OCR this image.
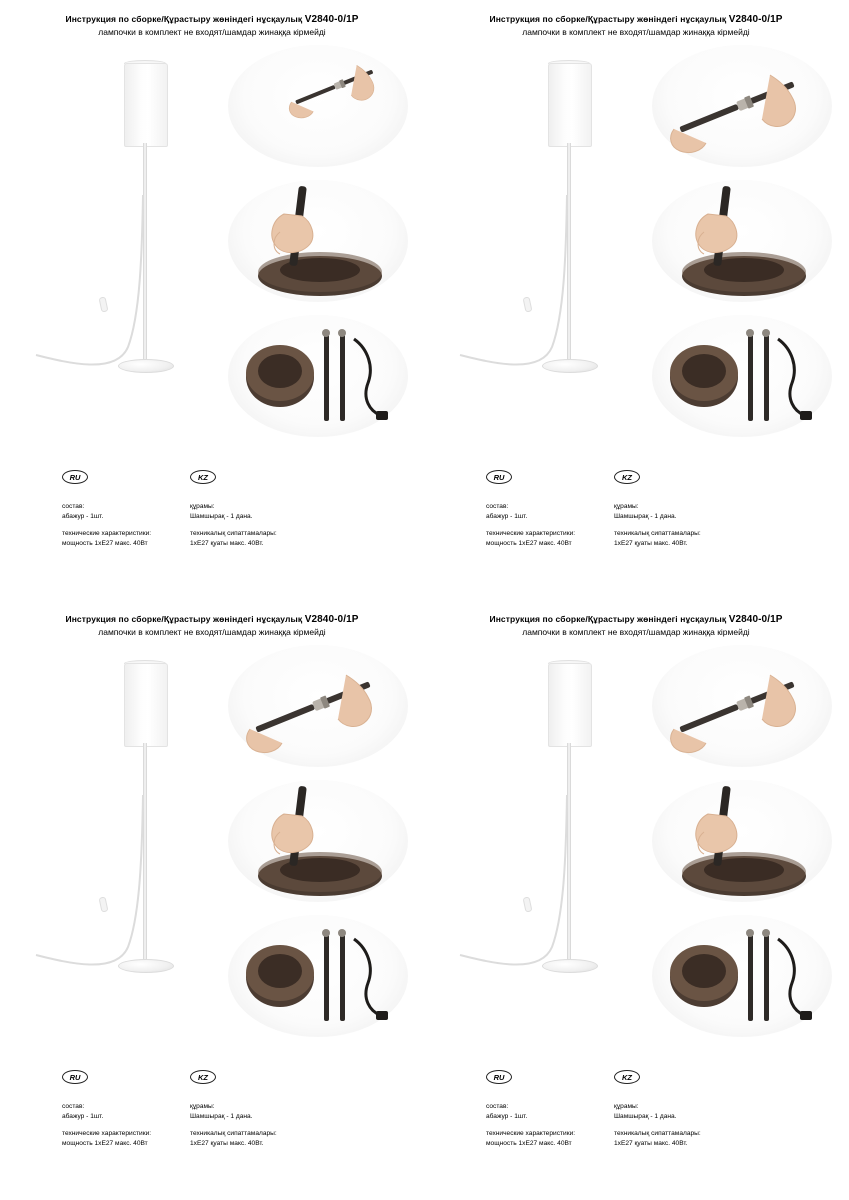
Инструкция по сборке/Құрастыру жөніндегі нұсқаулық V2840-0/1P
лампочки в комплект не входят/шамдар жинаққа кірмейді
RU
состав:
абажур - 1шт.
технические характеристики:
мощность 1хЕ27 макс. 40Вт
KZ
құрамы:
Шамшырақ - 1 дана.
техникалық сипаттамалары:
1хЕ27 қуаты макс. 40Вт.
Инструкция по сборке/Құрастыру жөніндегі нұсқаулық V2840-0/1P
лампочки в комплект не входят/шамдар жинаққа кірмейді
RU
состав:
абажур - 1шт.
технические характеристики:
мощность 1хЕ27 макс. 40Вт
KZ
құрамы:
Шамшырақ - 1 дана.
техникалық сипаттамалары:
1хЕ27 қуаты макс. 40Вт.
Инструкция по сборке/Құрастыру жөніндегі нұсқаулық V2840-0/1P
лампочки в комплект не входят/шамдар жинаққа кірмейді
RU
состав:
абажур - 1шт.
технические характеристики:
мощность 1хЕ27 макс. 40Вт
KZ
құрамы:
Шамшырақ - 1 дана.
техникалық сипаттамалары:
1хЕ27 қуаты макс. 40Вт.
Инструкция по сборке/Құрастыру жөніндегі нұсқаулық V2840-0/1P
лампочки в комплект не входят/шамдар жинаққа кірмейді
RU
состав:
абажур - 1шт.
технические характеристики:
мощность 1хЕ27 макс. 40Вт
KZ
құрамы:
Шамшырақ - 1 дана.
техникалық сипаттамалары:
1хЕ27 қуаты макс. 40Вт.
